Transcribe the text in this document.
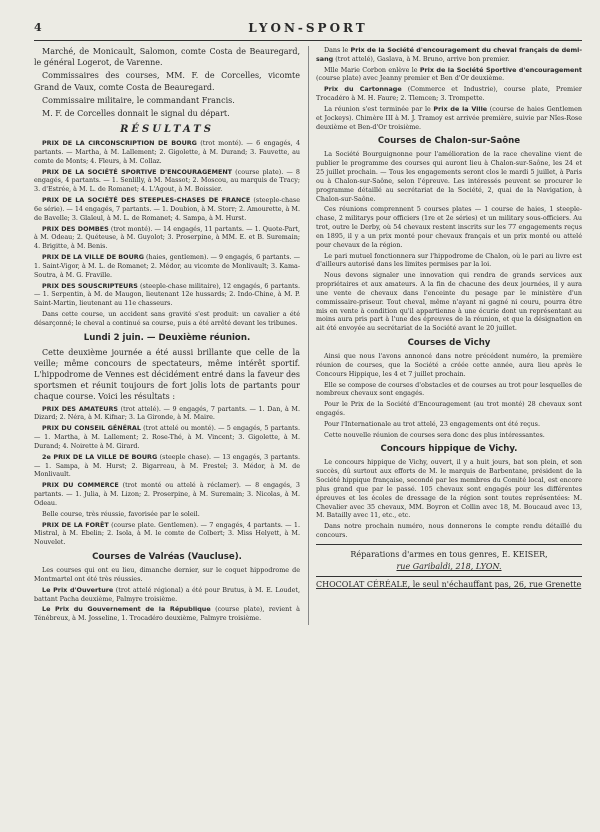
4	LYON-SPORT

Marché, de Monicault, Salomon, comte Costa de Beauregard, le général Logerot, de Varenne.

Commissaires des courses, MM. F. de Corcelles, vicomte Grand de Vaux, comte Costa de Beauregard.

Commissaire militaire, le commandant Francis.

M. F. de Corcelles donnait le signal du départ.

RÉSULTATS

PRIX DE LA CIRCONSCRIPTION DE BOURG (trot monté). — 6 engagés, 4 partants. — Martha, à M. Lallement; 2. Gigolette, à M. Durand; 3. Fauvette, au comte de Monts; 4. Fleurs, à M. Collaz.

PRIX DE LA SOCIÉTÉ SPORTIVE D'ENCOURAGEMENT (course plate). — 8 engagés, 4 partants. — 1. Senlilly, à M. Massot; 2. Moscou, au marquis de Tracy; 3. d'Estrée, à M. L. de Romanet; 4. L'Agout, à M. Boissier.

PRIX DE LA SOCIÉTÉ DES STEEPLES-CHASES DE FRANCE (steeple-chase 6e série). — 14 engagés, 7 partants. — 1. Doubion, à M. Storr; 2. Amourette, à M. de Bavelle; 3. Glaïeul, à M. L. de Romanet; 4. Sampa, à M. Hurst.

PRIX DES DOMBES (trot monté). — 14 engagés, 11 partants. — 1. Quote-Part, à M. Odeau; 2. Quéteuse, à M. Guyolot; 3. Proserpine, à MM. E. et B. Suremain; 4. Brigitte, à M. Benis.

PRIX DE LA VILLE DE BOURG (haies, gentlemen). — 9 engagés, 6 partants. — 1. Saint-Vigor, à M. L. de Romanet; 2. Médor, au vicomte de Monlivault; 3. Kama-Soutra, à M. G. Fraville.

PRIX DES SOUSCRIPTEURS (steeple-chase militaire), 12 engagés, 6 partants. — 1. Serpentin, à M. de Maugon, lieutenant 12e hussards; 2. Indo-Chine, à M. P. Saint-Martin, lieutenant au 11e chasseurs.

Dans cette course, un accident sans gravité s'est produit: un cavalier a été désarçonné; le cheval a continué sa course, puis a été arrêté devant les tribunes.

Lundi 2 juin. — Deuxième réunion.

Cette deuxième journée a été aussi brillante que celle de la veille; même concours de spectateurs, même intérêt sportif. L'hippodrome de Vennes est décidément entré dans la faveur des sportsmen et réunit toujours de fort jolis lots de partants pour chaque course. Voici les résultats :

PRIX DES AMATEURS (trot attelé). — 9 engagés, 7 partants. — 1. Dan, à M. Dizard; 2. Néra, à M. Kifnar; 3. La Gironde, à M. Maire.

PRIX DU CONSEIL GÉNÉRAL (trot attelé ou monté). — 5 engagés, 5 partants. — 1. Martha, à M. Lallement; 2. Rose-Thé, à M. Vincent; 3. Gigolette, à M. Durand; 4. Noirette à M. Girard.

2e PRIX DE LA VILLE DE BOURG (steeple chase). — 13 engagés, 3 partants. — 1. Sampa, à M. Hurst; 2. Bigarreau, à M. Frestel; 3. Médor, à M. de Monlivault.

PRIX DU COMMERCE (trot monté ou attelé à réclamer). — 8 engagés, 3 partants. — 1. Julia, à M. Lizon; 2. Proserpine, à M. Suremain; 3. Nicolas, à M. Odeau.

Belle course, très réussie, favorisée par le soleil.

PRIX DE LA FORÊT (course plate. Gentlemen). — 7 engagés, 4 partants. — 1. Mistral, à M. Ebelin; 2. Isola, à M. le comte de Colbert; 3. Miss Helyett, à M. Nouvelet.

Courses de Valréas (Vaucluse).

Les courses qui ont eu lieu, dimanche dernier, sur le coquet hippodrome de Montmartel ont été très réussies.

Le Prix d'Ouverture (trot attelé régional) a été pour Brutus, à M. E. Loudet, battant Pacha deuxième, Palmyre troisième.

Le Prix du Gouvernement de la République (course plate), revient à Ténébreux, à M. Josseline, 1. Trocadéro deuxième, Palmyre troisième.

Dans le Prix de la Société d'encouragement du cheval français de demi-sang (trot attelé), Gaslava, à M. Bruno, arrive bon premier.

Mlle Marie Corbon enlève le Prix de la Société Sportive d'encouragement (course plate) avec Jeanny premier et Ben d'Or deuxième.

Prix du Cartonnage (Commerce et Industrie), course plate, Premier Trocadéro à M. H. Faure; 2. Tlemcen; 3. Trompette.

La réunion s'est terminée par le Prix de la Ville (course de haies Gentlemen et Jockeys). Chimère III à M. J. Tramoy est arrivée première, suivie par Nîes-Rose deuxième et Ben-d'Or troisième.

Courses de Chalon-sur-Saône

La Société Bourguignonne pour l'amélioration de la race chevaline vient de publier le programme des courses qui auront lieu à Chalon-sur-Saône, les 24 et 25 juillet prochain. — Tous les engagements seront clos le mardi 5 juillet, à Paris ou à Chalon-sur-Saône, selon l'épreuve. Les intéressés peuvent se procurer le programme détaillé au secrétariat de la Société, 2, quai de la Navigation, à Chalon-sur-Saône.

Ces réunions comprennent 5 courses plates — 1 course de haies, 1 steeple-chase, 2 militarys pour officiers (1re et 2e séries) et un military sous-officiers. Au trot, outre le Derby, où 54 chevaux restent inscrits sur les 77 engagements reçus en 1895, il y a un prix monté pour chevaux français et un prix monté ou attelé pour chevaux de la région.

Le pari mutuel fonctionnera sur l'hippodrome de Chalon, où le pari au livre est d'ailleurs autorisé dans les limites permises par la loi.

Nous devons signaler une innovation qui rendra de grands services aux propriétaires et aux amateurs. A la fin de chacune des deux journées, il y aura une vente de chevaux dans l'enceinte du pesage par le ministère d'un commissaire-priseur. Tout cheval, même n'ayant ni gagné ni couru, pourra être mis en vente à condition qu'il appartienne à une écurie dont un représentant au moins aura pris part à l'une des épreuves de la réunion, et que la désignation en ait été envoyée au secrétariat de la Société avant le 20 juillet.

Courses de Vichy

Ainsi que nous l'avons annoncé dans notre précédent numéro, la première réunion de courses, que la Société a créée cette année, aura lieu après le Concours Hippique, les 4 et 7 juillet prochain.

Elle se compose de courses d'obstacles et de courses au trot pour lesquelles de nombreux chevaux sont engagés.

Pour le Prix de la Société d'Encouragement (au trot monté) 28 chevaux sont engagés.

Pour l'Internationale au trot attelé, 23 engagements ont été reçus.

Cette nouvelle réunion de courses sera donc des plus intéressantes.

Concours hippique de Vichy.

Le concours hippique de Vichy, ouvert, il y a huit jours, bat son plein, et son succès, dû surtout aux efforts de M. le marquis de Barbentane, président de la Société hippique française, secondé par les membres du Comité local, est encore plus grand que par le passé. 105 chevaux sont engagés pour les différentes épreuves et les écoles de dressage de la région sont toutes représentées: M. Chevalier avec 35 chevaux, MM. Boyron et Collin avec 18, M. Boucaud avec 13, M. Batailly avec 11, etc., etc.

Dans notre prochain numéro, nous donnerons le compte rendu détaillé du concours.

Réparations d'armes en tous genres, E. KEISER,
rue Garibaldi, 218, LYON.
CHOCOLAT CÉRÉALE, le seul n'échauffant pas, 26, rue Grenette
